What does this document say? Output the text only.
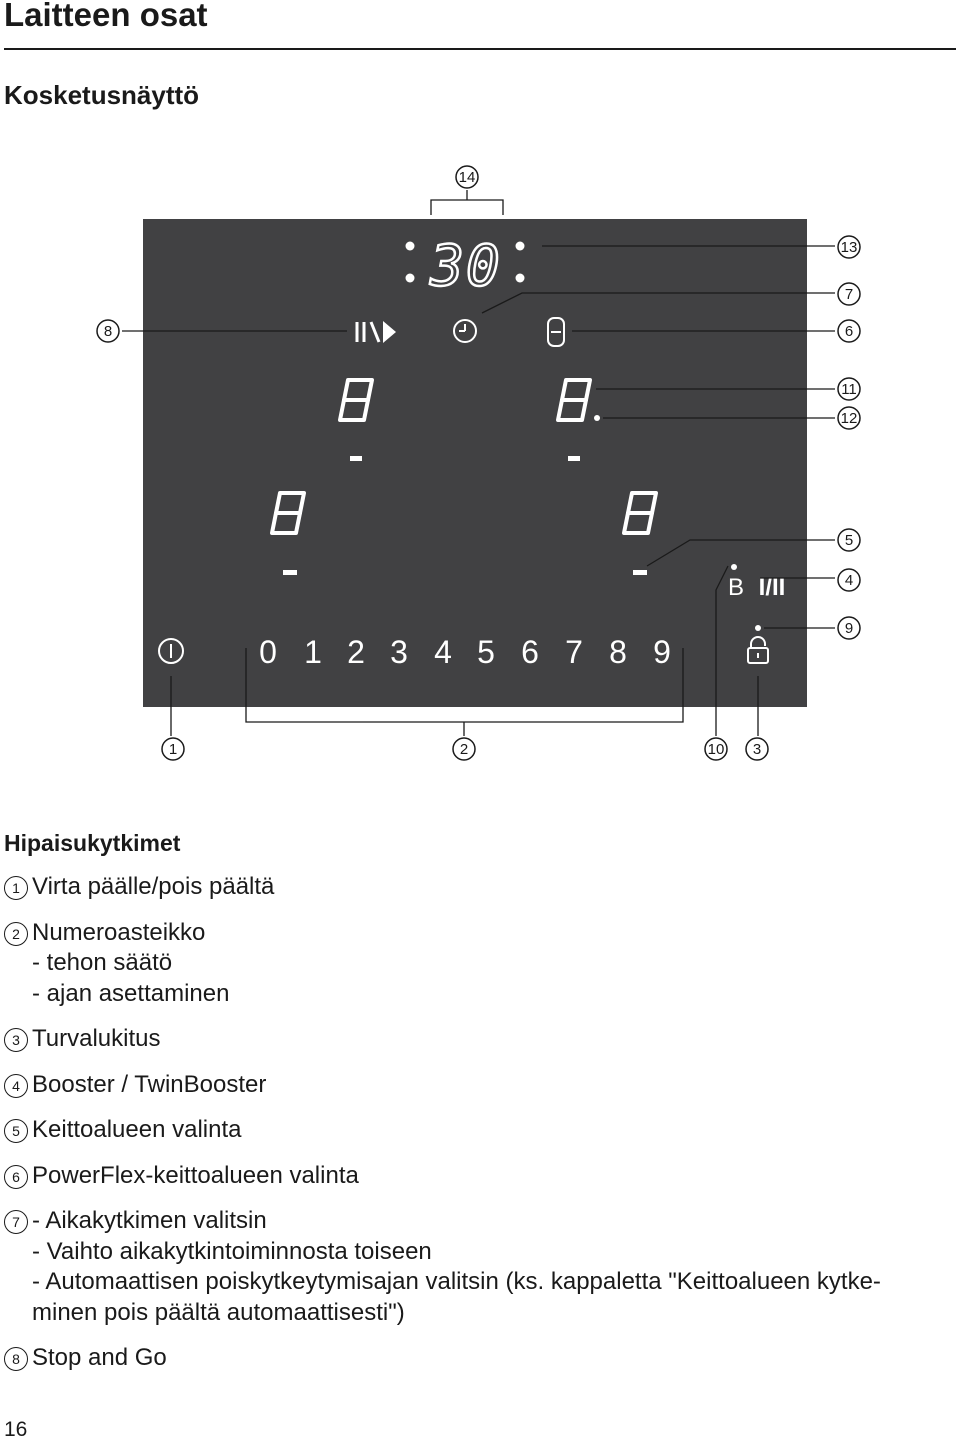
Laitteen osat
Kosketusnäyttö
30
B I/II
0 1 2 3 4 5 6 7 8 9
14
13
7
6
8
11
12
5
4
9
1	2	10 3
Hipaisukytkimet
1 Virta päälle/pois päältä
2 Numeroasteikko
- tehon säätö
- ajan asettaminen
3 Turvalukitus
4 Booster / TwinBooster
5 Keittoalueen valinta
6 PowerFlex-keittoalueen valinta
7 - Aikakytkimen valitsin
- Vaihto aikakytkintoiminnosta toiseen
- Automaattisen poiskytkeytymisajan valitsin (ks. kappaletta "Keittoalueen kytke-
minen pois päältä automaattisesti")
8 Stop and Go
16
